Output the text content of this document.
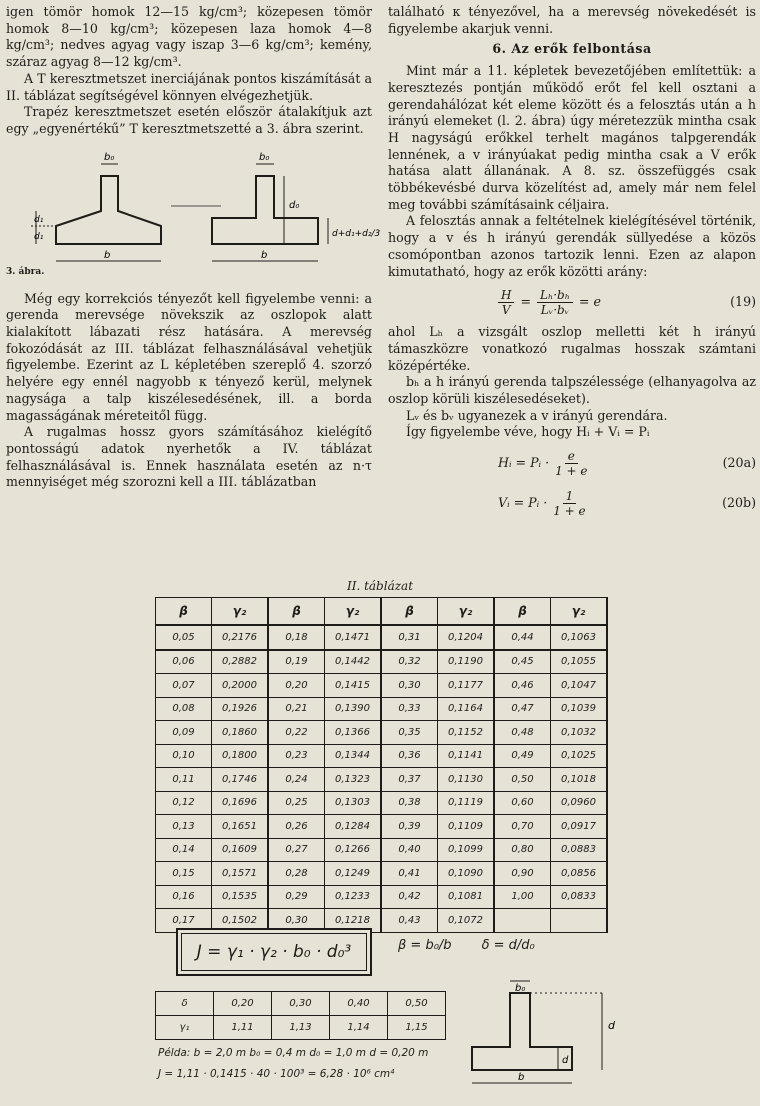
igen tömör homok 12—15 kg/cm³; közepesen tömör homok 8—10 kg/cm³; közepesen laza homok 4—8 kg/cm³; nedves agyag vagy iszap 3—6 kg/cm³; kemény, száraz agyag 8—12 kg/cm³.

A T keresztmetszet inerciájának pontos kiszámítását a II. táblázat segítségével könnyen elvégezhetjük.

Trapéz keresztmetszet esetén először átalakítjuk azt egy „egyenértékű” T keresztmetszetté a 3. ábra szerint.

b₀
d₁
d₁
b
b₀
d₀
d+d₁+d₂/3
b
3. ábra.

Még egy korrekciós tényezőt kell figyelembe venni: a gerenda merevsége növekszik az oszlopok alatt kialakított lábazati rész hatására. A merevség fokozódását az III. táblázat felhasználásával vehetjük figyelembe. Ezerint az L képletében szereplő 4. szorzó helyére egy ennél nagyobb κ tényező kerül, melynek nagysága a talp kiszélesedésének, ill. a borda magasságának méreteitől függ.

A rugalmas hossz gyors számításához kielégítő pontosságú adatok nyerhetők a IV. táblázat felhasználásával is. Ennek használata esetén az n·τ mennyiséget még szorozni kell a III. táblázatban

található κ tényezővel, ha a merevség növekedését is figyelembe akarjuk venni.

6. Az erők felbontása

Mint már a 11. képletek bevezetőjében említettük: a keresztezés pontján működő erőt fel kell osztani a gerendahálózat két eleme között és a felosztás után a h irányú elemeket (l. 2. ábra) úgy méretezzük mintha csak H nagyságú erőkkel terhelt magános talpgerendák lennének, a v irányúakat pedig mintha csak a V erők hatása alatt állanának. A 8. sz. összefüggés csak többékevésbé durva közelítést ad, amely már nem felel meg további számításaink céljaira.

A felosztás annak a feltételnek kielégítésével történik, hogy a v és h irányú gerendák süllyedése a közös csomópontban azonos tartozik lenni. Ezen az alapon kimutatható, hogy az erők közötti arány:

$\frac{H}{V} = \frac{\text{Lₕ·bₕ}}{\text{Lᵥ·bᵥ}} = e$	(19)

ahol Lₕ a vizsgált oszlop melletti két h irányú támaszközre vonatkozó rugalmas hosszak számtani középértéke.

bₕ a h irányú gerenda talpszélessége (elhanyagolva az oszlop körüli kiszélesedéseket).

Lᵥ és bᵥ ugyanezek a v irányú gerendára.

Így figyelembe véve, hogy Hᵢ + Vᵢ = Pᵢ

Hᵢ = Pᵢ · $\frac{e}{1 + e}$	(20a)
Vᵢ = Pᵢ · $\frac{1}{1 + e}$	(20b)
II. táblázat
β	γ₂	β	γ₂	β	γ₂	β	γ₂
0,05	0,2176	0,18	0,1471	0,31	0,1204	0,44	0,1063
0,06	0,2882	0,19	0,1442	0,32	0,1190	0,45	0,1055
0,07	0,2000	0,20	0,1415	0,30	0,1177	0,46	0,1047
0,08	0,1926	0,21	0,1390	0,33	0,1164	0,47	0,1039
0,09	0,1860	0,22	0,1366	0,35	0,1152	0,48	0,1032
0,10	0,1800	0,23	0,1344	0,36	0,1141	0,49	0,1025
0,11	0,1746	0,24	0,1323	0,37	0,1130	0,50	0,1018
0,12	0,1696	0,25	0,1303	0,38	0,1119	0,60	0,0960
0,13	0,1651	0,26	0,1284	0,39	0,1109	0,70	0,0917
0,14	0,1609	0,27	0,1266	0,40	0,1099	0,80	0,0883
0,15	0,1571	0,28	0,1249	0,41	0,1090	0,90	0,0856
0,16	0,1535	0,29	0,1233	0,42	0,1081	1,00	0,0833
0,17	0,1502	0,30	0,1218	0,43	0,1072		
J = γ₁ · γ₂ · b₀ · d₀³	β = b₀/b δ = d/d₀
δ	0,20	0,30	0,40	0,50
γ₁	1,11	1,13	1,14	1,15
Példa: b = 2,0 m b₀ = 0,4 m d₀ = 1,0 m d = 0,20 m
J = 1,11 · 0,1415 · 40 · 100³ = 6,28 · 10⁶ cm⁴
b₀
d
d
b
